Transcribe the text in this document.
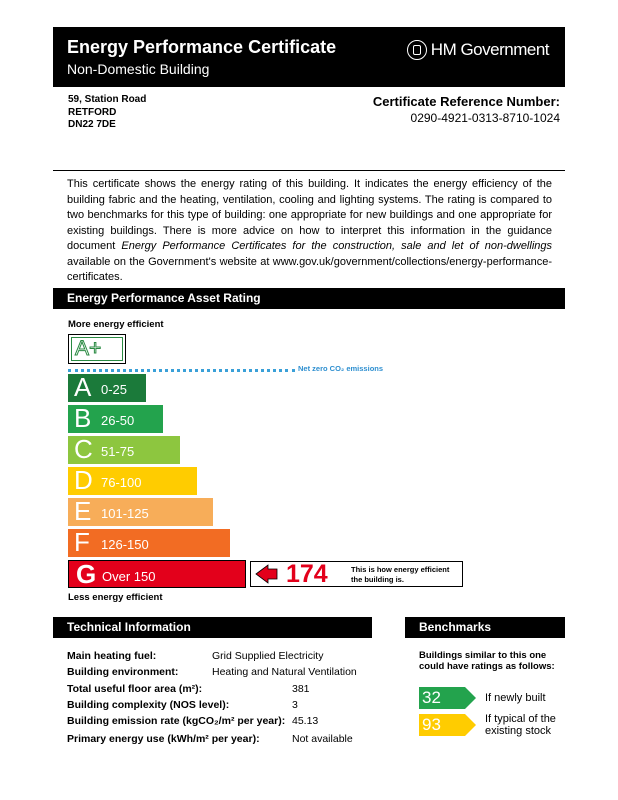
Energy Performance Certificate
Non-Domestic Building
HM Government
59, Station Road
RETFORD
DN22 7DE
Certificate Reference Number:
0290-4921-0313-8710-1024
This certificate shows the energy rating of this building. It indicates the energy efficiency of the building fabric and the heating, ventilation, cooling and lighting systems. The rating is compared to two benchmarks for this type of building: one appropriate for new buildings and one appropriate for existing buildings. There is more advice on how to interpret this information in the guidance document Energy Performance Certificates for the construction, sale and let of non-dwellings available on the Government's website at www.gov.uk/government/collections/energy-performance-certificates.
Energy Performance Asset Rating
More energy efficient
A+
Net zero CO₂ emissions
A 0-25
B 26-50
C 51-75
D 76-100
E 101-125
F 126-150
G Over 150	174	This is how energy efficient the building is.
Less energy efficient
Technical Information
Main heating fuel:	Grid Supplied Electricity
Building environment:	Heating and Natural Ventilation
Total useful floor area (m²):	381
Building complexity (NOS level):	3
Building emission rate (kgCO₂/m² per year): 45.13
Primary energy use (kWh/m² per year):	Not available
Benchmarks
Buildings similar to this one could have ratings as follows:
32	If newly built
93	If typical of the existing stock
